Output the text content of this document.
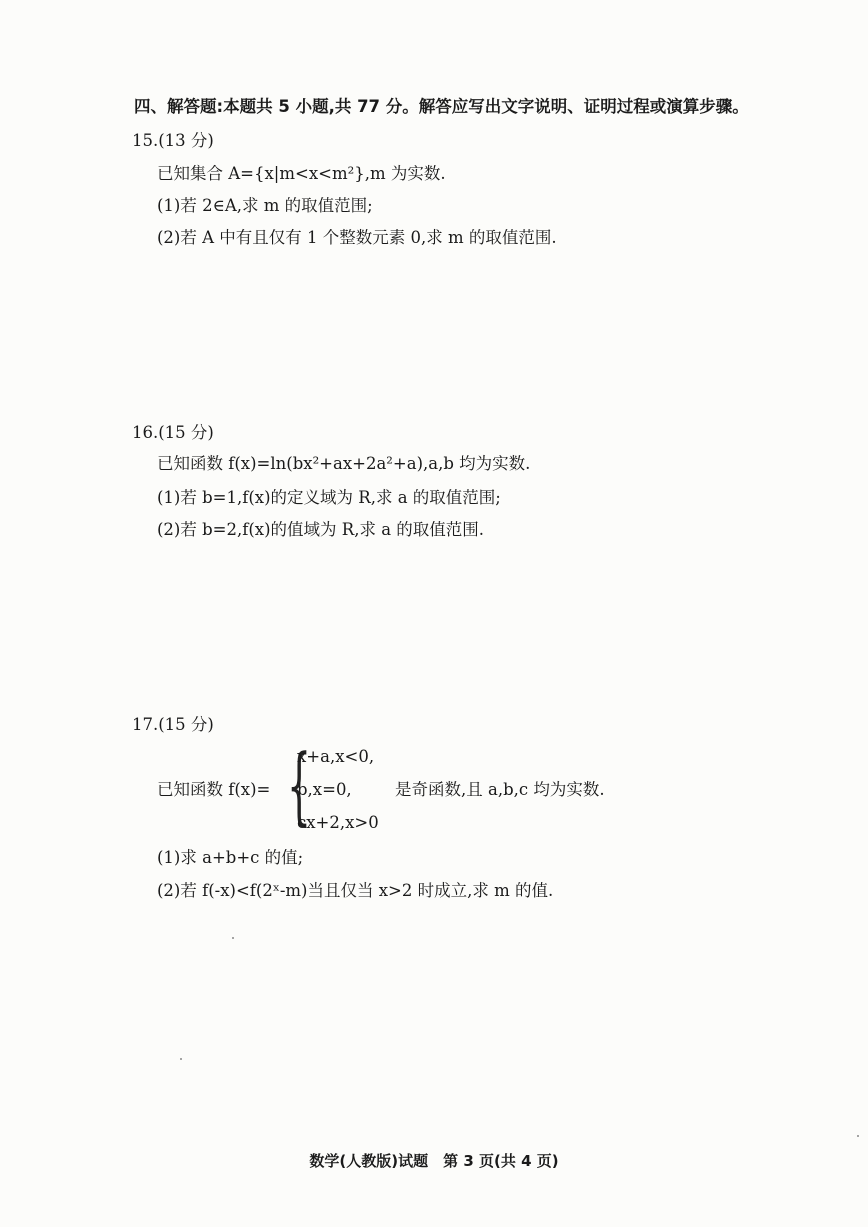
四、解答题:本题共 5 小题,共 77 分。解答应写出文字说明、证明过程或演算步骤。
15.(13 分)
已知集合 A={x|m<x<m²},m 为实数.
(1)若 2∈A,求 m 的取值范围;
(2)若 A 中有且仅有 1 个整数元素 0,求 m 的取值范围.
16.(15 分)
已知函数 f(x)=ln(bx²+ax+2a²+a),a,b 均为实数.
(1)若 b=1,f(x)的定义域为 R,求 a 的取值范围;
(2)若 b=2,f(x)的值域为 R,求 a 的取值范围.
17.(15 分)
已知函数 f(x)= {
x+a,x<0,
b,x=0,
cx+2,x>0
是奇函数,且 a,b,c 均为实数.
(1)求 a+b+c 的值;
(2)若 f(-x)<f(2ˣ-m)当且仅当 x>2 时成立,求 m 的值.
数学(人教版)试题　第 3 页(共 4 页)
